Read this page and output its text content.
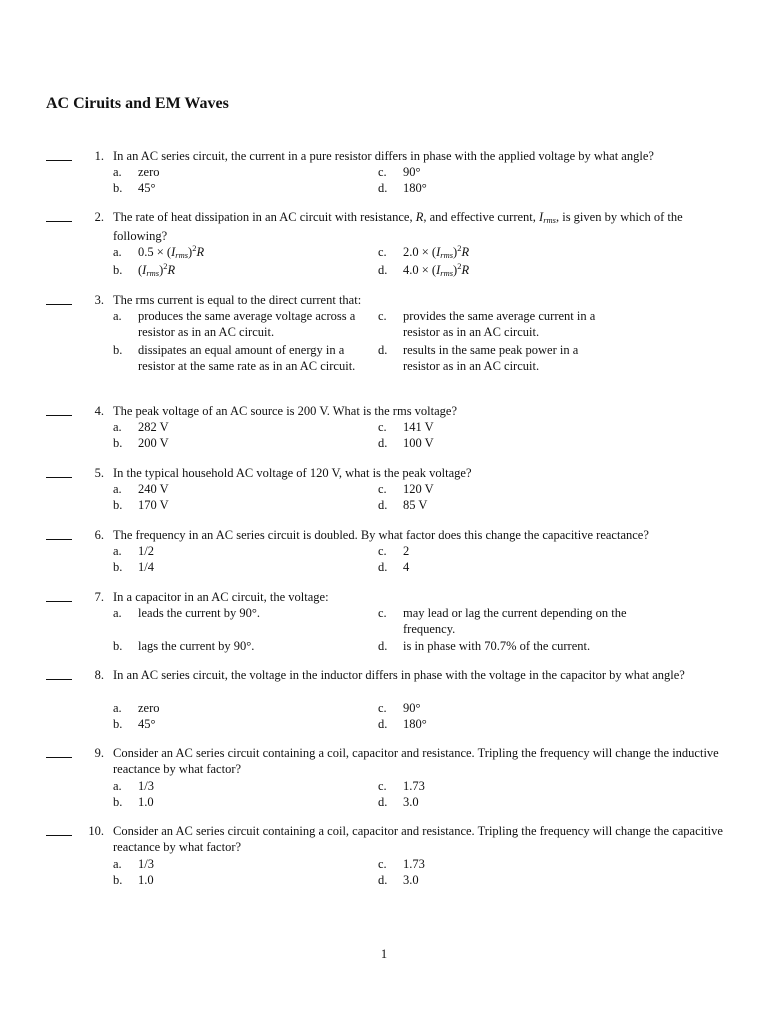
AC Ciruits and EM Waves
1. In an AC series circuit, the current in a pure resistor differs in phase with the applied voltage by what angle?
a.	zero
b.	45°
c.	90°
d.	180°
2. The rate of heat dissipation in an AC circuit with resistance, R, and effective current, $I_{rms}$, is given by which of the following?
a.	$0.5 \times (I_{rms})^2R$
b.	$(I_{rms})^2R$
c.	$2.0 \times (I_{rms})^2R$
d.	$4.0 \times (I_{rms})^2R$
3. The rms current is equal to the direct current that:
a.	produces the same average voltage across a resistor as in an AC circuit.
b.	dissipates an equal amount of energy in a resistor at the same rate as in an AC circuit.
c.	provides the same average current in a resistor as in an AC circuit.
d.	results in the same peak power in a resistor as in an AC circuit.
4. The peak voltage of an AC source is 200 V. What is the rms voltage?
a.	282 V
b.	200 V
c.	141 V
d.	100 V
5. In the typical household AC voltage of 120 V, what is the peak voltage?
a.	240 V
b.	170 V
c.	120 V
d.	85 V
6. The frequency in an AC series circuit is doubled. By what factor does this change the capacitive reactance?
a.	1/2
b.	1/4
c.	2
d.	4
7. In a capacitor in an AC circuit, the voltage:
a.	leads the current by 90°.
b.	lags the current by 90°.
c.	may lead or lag the current depending on the frequency.
d.	is in phase with 70.7% of the current.
8. In an AC series circuit, the voltage in the inductor differs in phase with the voltage in the capacitor by what angle?
a.	zero
b.	45°
c.	90°
d.	180°
9. Consider an AC series circuit containing a coil, capacitor and resistance. Tripling the frequency will change the inductive reactance by what factor?
a.	1/3
b.	1.0
c.	1.73
d.	3.0
10. Consider an AC series circuit containing a coil, capacitor and resistance. Tripling the frequency will change the capacitive reactance by what factor?
a.	1/3
b.	1.0
c.	1.73
d.	3.0
1
